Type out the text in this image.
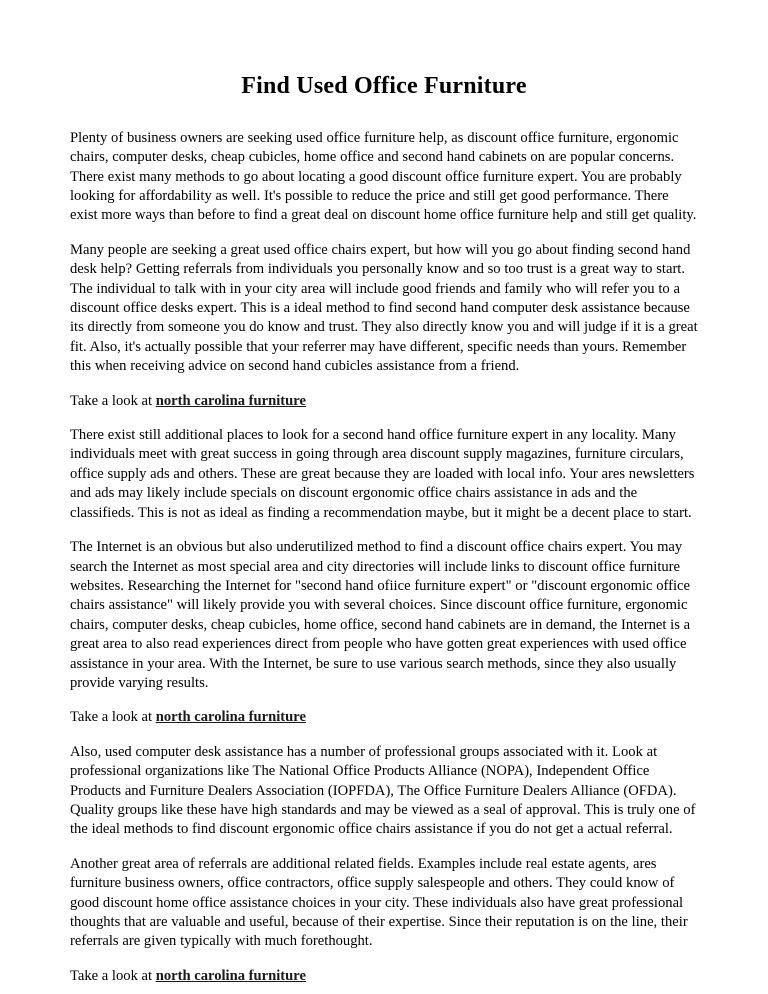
Find Used Office Furniture

Plenty of business owners are seeking used office furniture help, as discount office furniture, ergonomic chairs, computer desks, cheap cubicles, home office and second hand cabinets on are popular concerns. There exist many methods to go about locating a good discount office furniture expert. You are probably looking for affordability as well. It's possible to reduce the price and still get good performance. There exist more ways than before to find a great deal on discount home office furniture help and still get quality.

Many people are seeking a great used office chairs expert, but how will you go about finding second hand desk help? Getting referrals from individuals you personally know and so too trust is a great way to start. The individual to talk with in your city area will include good friends and family who will refer you to a discount office desks expert. This is a ideal method to find second hand computer desk assistance because its directly from someone you do know and trust. They also directly know you and will judge if it is a great fit. Also, it's actually possible that your referrer may have different, specific needs than yours. Remember this when receiving advice on second hand cubicles assistance from a friend.

Take a look at north carolina furniture

There exist still additional places to look for a second hand office furniture expert in any locality. Many individuals meet with great success in going through area discount supply magazines, furniture circulars, office supply ads and others. These are great because they are loaded with local info. Your ares newsletters and ads may likely include specials on discount ergonomic office chairs assistance in ads and the classifieds. This is not as ideal as finding a recommendation maybe, but it might be a decent place to start.

The Internet is an obvious but also underutilized method to find a discount office chairs expert. You may search the Internet as most special area and city directories will include links to discount office furniture websites. Researching the Internet for "second hand ofiice furniture expert" or "discount ergonomic office chairs assistance" will likely provide you with several choices. Since discount office furniture, ergonomic chairs, computer desks, cheap cubicles, home office, second hand cabinets are in demand, the Internet is a great area to also read experiences direct from people who have gotten great experiences with used office assistance in your area. With the Internet, be sure to use various search methods, since they also usually provide varying results.

Take a look at north carolina furniture

Also, used computer desk assistance has a number of professional groups associated with it. Look at professional organizations like The National Office Products Alliance (NOPA), Independent Office Products and Furniture Dealers Association (IOPFDA), The Office Furniture Dealers Alliance (OFDA). Quality groups like these have high standards and may be viewed as a seal of approval. This is truly one of the ideal methods to find discount ergonomic office chairs assistance if you do not get a actual referral.

Another great area of referrals are additional related fields. Examples include real estate agents, ares furniture business owners, office contractors, office supply salespeople and others. They could know of good discount home office assistance choices in your city. These individuals also have great professional thoughts that are valuable and useful, because of their expertise. Since their reputation is on the line, their referrals are given typically with much forethought.

Take a look at north carolina furniture
